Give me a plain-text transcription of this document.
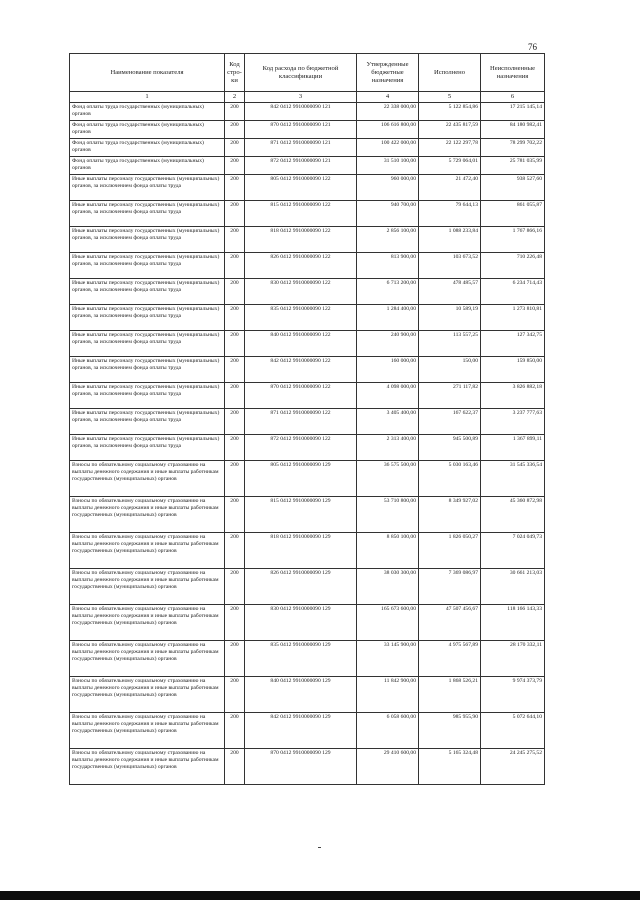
76
Наименование показателя	Код стро-ки	Код расхода по бюджетной классификации	Утвержденные бюджетные назначения	Исполнено	Неисполненные назначения
1	2	3	4	5	6
Фонд оплаты труда государственных (муниципальных) органов	200	842 0412 9910000090 121	22 338 000,00	5 122 854,86	17 215 145,14
Фонд оплаты труда государственных (муниципальных) органов	200	870 0412 9910000090 121	106 616 800,00	22 435 817,59	84 180 982,41
Фонд оплаты труда государственных (муниципальных) органов	200	871 0412 9910000090 121	100 422 000,00	22 122 297,78	78 299 702,22
Фонд оплаты труда государственных (муниципальных) органов	200	872 0412 9910000090 121	31 510 100,00	5 729 064,01	25 781 035,99
Иные выплаты персоналу государственных (муниципальных) органов, за исключением фонда оплаты труда	200	805 0412 9910000090 122	960 000,00	21 472,40	938 527,60
Иные выплаты персоналу государственных (муниципальных) органов, за исключением фонда оплаты труда	200	815 0412 9910000090 122	940 700,00	79 644,13	861 055,87
Иные выплаты персоналу государственных (муниципальных) органов, за исключением фонда оплаты труда	200	818 0412 9910000090 122	2 856 100,00	1 088 233,84	1 767 866,16
Иные выплаты персоналу государственных (муниципальных) органов, за исключением фонда оплаты труда	200	826 0412 9910000090 122	813 900,00	103 673,52	710 226,48
Иные выплаты персоналу государственных (муниципальных) органов, за исключением фонда оплаты труда	200	830 0412 9910000090 122	6 713 200,00	478 485,57	6 234 714,43
Иные выплаты персоналу государственных (муниципальных) органов, за исключением фонда оплаты труда	200	835 0412 9910000090 122	1 284 400,00	10 589,19	1 273 810,81
Иные выплаты персоналу государственных (муниципальных) органов, за исключением фонда оплаты труда	200	840 0412 9910000090 122	240 900,00	113 557,25	127 342,75
Иные выплаты персоналу государственных (муниципальных) органов, за исключением фонда оплаты труда	200	842 0412 9910000090 122	160 000,00	150,00	159 850,00
Иные выплаты персоналу государственных (муниципальных) органов, за исключением фонда оплаты труда	200	870 0412 9910000090 122	4 098 000,00	271 117,82	3 826 882,18
Иные выплаты персоналу государственных (муниципальных) органов, за исключением фонда оплаты труда	200	871 0412 9910000090 122	3 405 400,00	167 622,37	3 237 777,63
Иные выплаты персоналу государственных (муниципальных) органов, за исключением фонда оплаты труда	200	872 0412 9910000090 122	2 313 400,00	945 500,89	1 367 899,11
Взносы по обязательному социальному страхованию на выплаты денежного содержания и иные выплаты работникам государственных (муниципальных) органов	200	805 0412 9910000090 129	36 575 500,00	5 030 163,46	31 545 336,54
Взносы по обязательному социальному страхованию на выплаты денежного содержания и иные выплаты работникам государственных (муниципальных) органов	200	815 0412 9910000090 129	53 710 800,00	8 349 927,02	45 360 872,98
Взносы по обязательному социальному страхованию на выплаты денежного содержания и иные выплаты работникам государственных (муниципальных) органов	200	818 0412 9910000090 129	8 850 100,00	1 826 050,27	7 024 049,73
Взносы по обязательному социальному страхованию на выплаты денежного содержания и иные выплаты работникам государственных (муниципальных) органов	200	826 0412 9910000090 129	38 030 300,00	7 369 086,97	30 661 213,03
Взносы по обязательному социальному страхованию на выплаты денежного содержания и иные выплаты работникам государственных (муниципальных) органов	200	830 0412 9910000090 129	165 673 600,00	47 507 456,67	118 166 143,33
Взносы по обязательному социальному страхованию на выплаты денежного содержания и иные выплаты работникам государственных (муниципальных) органов	200	835 0412 9910000090 129	33 145 900,00	4 975 567,89	28 170 332,11
Взносы по обязательному социальному страхованию на выплаты денежного содержания и иные выплаты работникам государственных (муниципальных) органов	200	840 0412 9910000090 129	11 842 900,00	1 868 526,21	9 974 373,79
Взносы по обязательному социальному страхованию на выплаты денежного содержания и иные выплаты работникам государственных (муниципальных) органов	200	842 0412 9910000090 129	6 058 600,00	985 955,90	5 072 644,10
Взносы по обязательному социальному страхованию на выплаты денежного содержания и иные выплаты работникам государственных (муниципальных) органов	200	870 0412 9910000090 129	29 410 600,00	5 165 324,48	24 245 275,52
